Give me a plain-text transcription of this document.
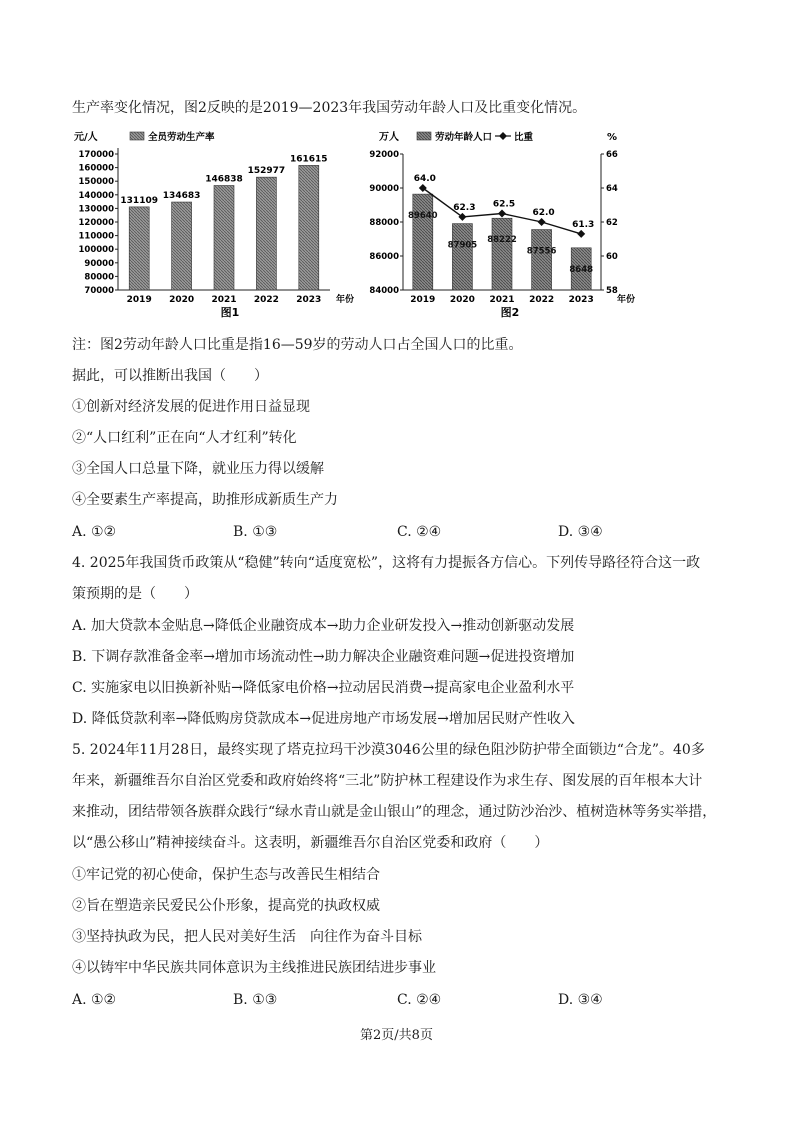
生产率变化情况，图2反映的是2019—2023年我国劳动年龄人口及比重变化情况。
70000
80000
90000
100000
110000
120000
130000
140000
150000
160000
170000
元/人	全员劳动生产率
131109
2019
134683
2020
146838
2021
152977
2022
161615
2023 年份
图1
84000
86000
88000
90000
92000
58
60
62
64
66
万人	%
劳动年龄人口 比重
89640
2019
87905
2020
88222
2021
87556
2022
8648
2023
64.0
62.3 62.5
62.0
61.3
年份
图2
注：图2劳动年龄人口比重是指16—59岁的劳动人口占全国人口的比重。
据此，可以推断出我国（　　）
①创新对经济发展的促进作用日益显现
②“人口红利”正在向“人才红利”转化
③全国人口总量下降，就业压力得以缓解
④全要素生产率提高，助推形成新质生产力
A. ①②	B. ①③	C. ②④	D. ③④
4. 2025年我国货币政策从“稳健”转向“适度宽松”，这将有力提振各方信心。下列传导路径符合这一政
策预期的是（　　）
A. 加大贷款本金贴息→降低企业融资成本→助力企业研发投入→推动创新驱动发展
B. 下调存款准备金率→增加市场流动性→助力解决企业融资难问题→促进投资增加
C. 实施家电以旧换新补贴→降低家电价格→拉动居民消费→提高家电企业盈利水平
D. 降低贷款利率→降低购房贷款成本→促进房地产市场发展→增加居民财产性收入
5. 2024年11月28日，最终实现了塔克拉玛干沙漠3046公里的绿色阻沙防护带全面锁边“合龙”。40多
年来，新疆维吾尔自治区党委和政府始终将“三北”防护林工程建设作为求生存、图发展的百年根本大计
来推动，团结带领各族群众践行“绿水青山就是金山银山”的理念，通过防沙治沙、植树造林等务实举措，
以“愚公移山”精神接续奋斗。这表明，新疆维吾尔自治区党委和政府（　　）
①牢记党的初心使命，保护生态与改善民生相结合
②旨在塑造亲民爱民公仆形象，提高党的执政权威
③坚持执政为民，把人民对美好生活　向往作为奋斗目标
④以铸牢中华民族共同体意识为主线推进民族团结进步事业
A. ①②	B. ①③	C. ②④	D. ③④
第2页/共8页
